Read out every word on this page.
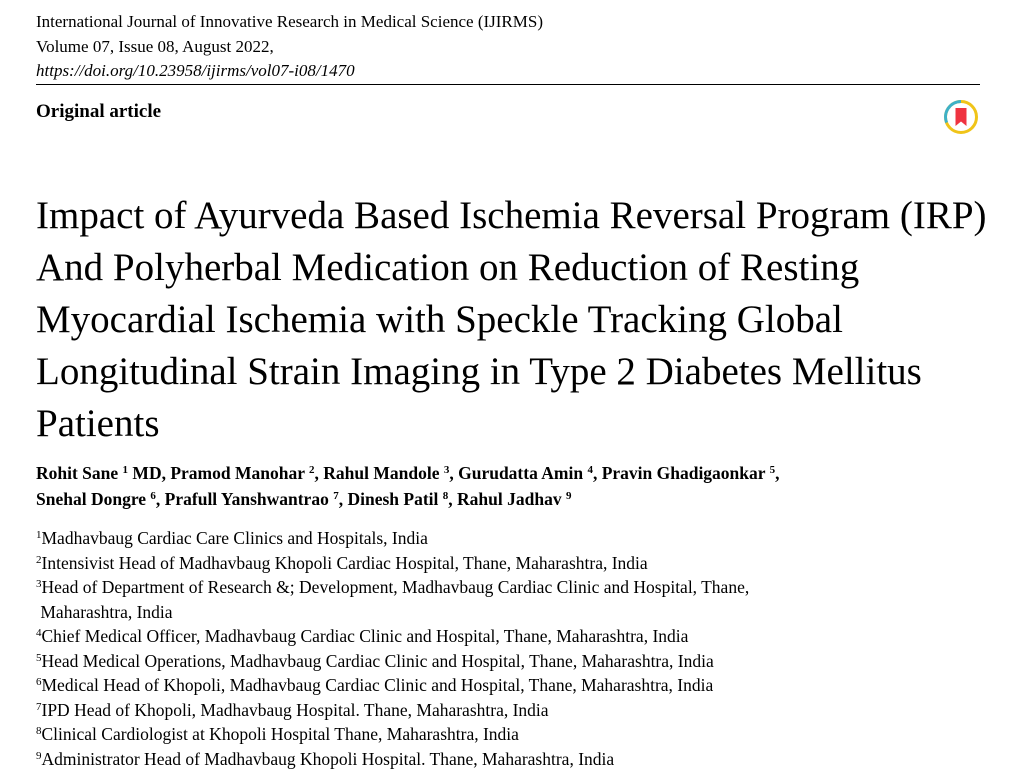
International Journal of Innovative Research in Medical Science (IJIRMS)
Volume 07, Issue 08, August 2022,
https://doi.org/10.23958/ijirms/vol07-i08/1470
Original article
Impact of Ayurveda Based Ischemia Reversal Program (IRP) And Polyherbal Medication on Reduction of Resting Myocardial Ischemia with Speckle Tracking Global Longitudinal Strain Imaging in Type 2 Diabetes Mellitus Patients
Rohit Sane $^1$ MD, Pramod Manohar $^2$, Rahul Mandole $^3$, Gurudatta Amin $^4$, Pravin Ghadigaonkar $^5$,
Snehal Dongre $^6$, Prafull Yanshwantrao $^7$, Dinesh Patil $^8$, Rahul Jadhav $^9$
$^1$Madhavbaug Cardiac Care Clinics and Hospitals, India
$^2$Intensivist Head of Madhavbaug Khopoli Cardiac Hospital, Thane, Maharashtra, India
$^3$Head of Department of Research &; Development, Madhavbaug Cardiac Clinic and Hospital, Thane,
Maharashtra, India
$^4$Chief Medical Officer, Madhavbaug Cardiac Clinic and Hospital, Thane, Maharashtra, India
$^5$Head Medical Operations, Madhavbaug Cardiac Clinic and Hospital, Thane, Maharashtra, India
$^6$Medical Head of Khopoli, Madhavbaug Cardiac Clinic and Hospital, Thane, Maharashtra, India
$^7$IPD Head of Khopoli, Madhavbaug Hospital. Thane, Maharashtra, India
$^8$Clinical Cardiologist at Khopoli Hospital Thane, Maharashtra, India
$^9$Administrator Head of Madhavbaug Khopoli Hospital. Thane, Maharashtra, India
